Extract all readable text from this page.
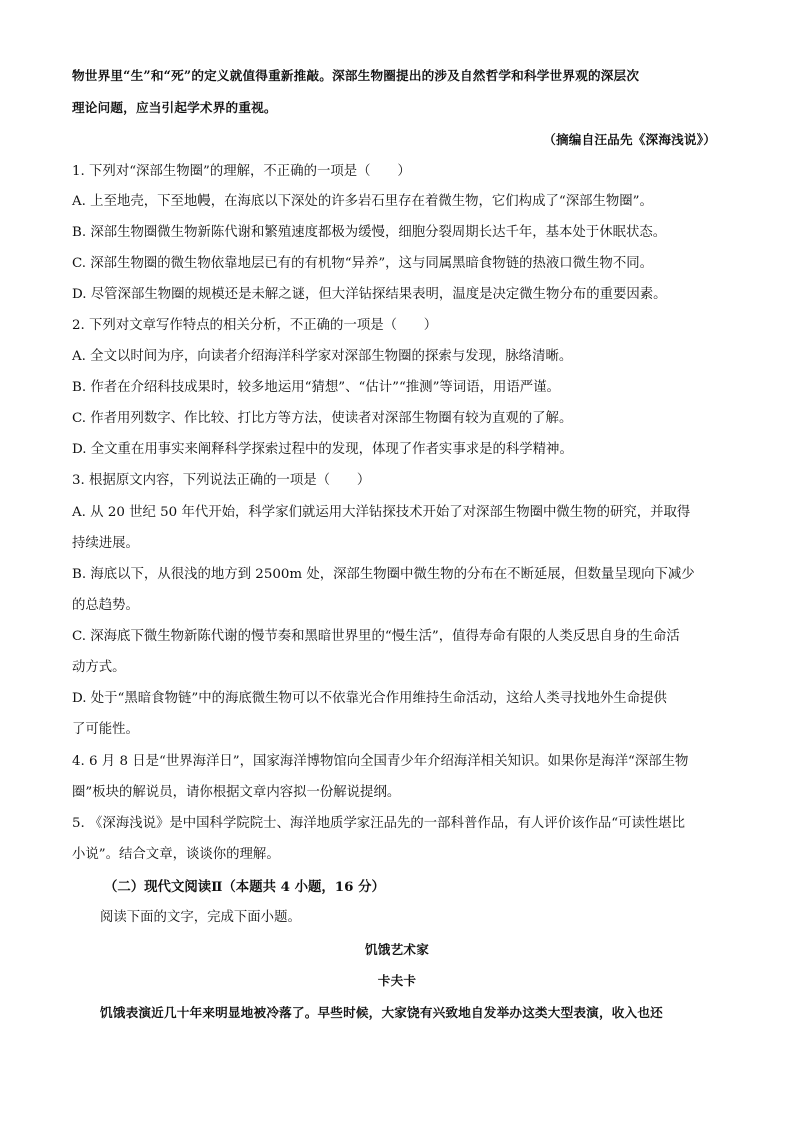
物世界里“生”和“死”的定义就值得重新推敲。深部生物圈提出的涉及自然哲学和科学世界观的深层次
理论问题，应当引起学术界的重视。
（摘编自汪品先《深海浅说》）
1. 下列对“深部生物圈”的理解，不正确的一项是（　　）
A. 上至地壳，下至地幔，在海底以下深处的许多岩石里存在着微生物，它们构成了“深部生物圈”。
B. 深部生物圈微生物新陈代谢和繁殖速度都极为缓慢，细胞分裂周期长达千年，基本处于休眠状态。
C. 深部生物圈的微生物依靠地层已有的有机物“异养”，这与同属黑暗食物链的热液口微生物不同。
D. 尽管深部生物圈的规模还是未解之谜，但大洋钻探结果表明，温度是决定微生物分布的重要因素。
2. 下列对文章写作特点的相关分析，不正确的一项是（　　）
A. 全文以时间为序，向读者介绍海洋科学家对深部生物圈的探索与发现，脉络清晰。
B. 作者在介绍科技成果时，较多地运用“猜想”、“估计”“推测”等词语，用语严谨。
C. 作者用列数字、作比较、打比方等方法，使读者对深部生物圈有较为直观的了解。
D. 全文重在用事实来阐释科学探索过程中的发现，体现了作者实事求是的科学精神。
3. 根据原文内容，下列说法正确的一项是（　　）
A. 从 20 世纪 50 年代开始，科学家们就运用大洋钻探技术开始了对深部生物圈中微生物的研究，并取得
持续进展。
B. 海底以下，从很浅的地方到 2500m 处，深部生物圈中微生物的分布在不断延展，但数量呈现向下减少
的总趋势。
C. 深海底下微生物新陈代谢的慢节奏和黑暗世界里的“慢生活”，值得寿命有限的人类反思自身的生命活
动方式。
D. 处于“黑暗食物链”中的海底微生物可以不依靠光合作用维持生命活动，这给人类寻找地外生命提供
了可能性。
4. 6 月 8 日是“世界海洋日”，国家海洋博物馆向全国青少年介绍海洋相关知识。如果你是海洋“深部生物
圈”板块的解说员，请你根据文章内容拟一份解说提纲。
5. 《深海浅说》是中国科学院院士、海洋地质学家汪品先的一部科普作品，有人评价该作品“可读性堪比
小说”。结合文章，谈谈你的理解。
（二）现代文阅读Ⅱ（本题共 4 小题，16 分）
阅读下面的文字，完成下面小题。
饥饿艺术家
卡夫卡
饥饿表演近几十年来明显地被冷落了。早些时候，大家饶有兴致地自发举办这类大型表演，收入也还
